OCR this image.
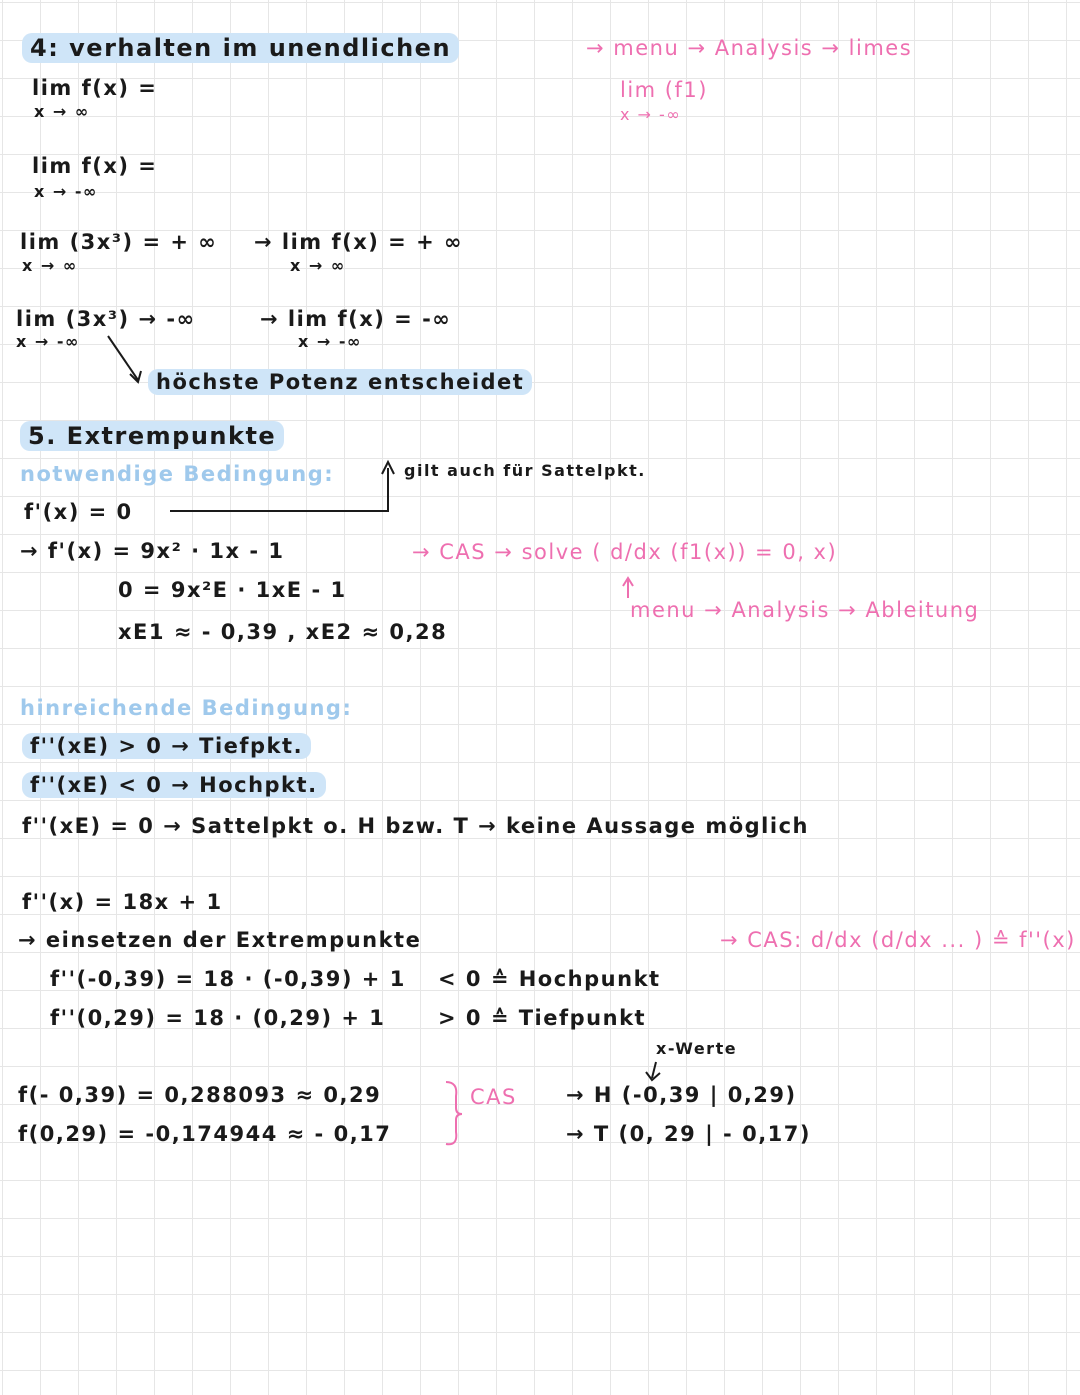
4: verhalten im unendlichen
lim f(x) =
x → ∞
lim f(x) =
x → -∞
lim (3x³) = + ∞
x → ∞
→ lim f(x) = + ∞
x → ∞
lim (3x³) → -∞
x → -∞
→ lim f(x) = -∞
x → -∞
höchste Potenz entscheidet
→ menu → Analysis → limes
lim (f1)
x → -∞
5. Extrempunkte
notwendige Bedingung:
f'(x) = 0
gilt auch für Sattelpkt.
→ f'(x) = 9x² · 1x - 1
0 = 9x²E · 1xE - 1
xE1 ≈ - 0,39 , xE2 ≈ 0,28
→ CAS → solve ( d/dx (f1(x)) = 0, x)
menu → Analysis → Ableitung
hinreichende Bedingung:
f''(xE) > 0 → Tiefpkt.
f''(xE) < 0 → Hochpkt.
f''(xE) = 0 → Sattelpkt o. H bzw. T → keine Aussage möglich
f''(x) = 18x + 1
→ einsetzen der Extrempunkte
f''(-0,39) = 18 · (-0,39) + 1 < 0 ≙ Hochpunkt
f''(0,29) = 18 · (0,29) + 1	> 0 ≙ Tiefpunkt
→ CAS: d/dx (d/dx ... ) ≙ f''(x)
x-Werte
f(- 0,39) = 0,288093 ≈ 0,29
f(0,29) = -0,174944 ≈ - 0,17
CAS → H (-0,39 | 0,29)
→ T (0, 29 | - 0,17)
